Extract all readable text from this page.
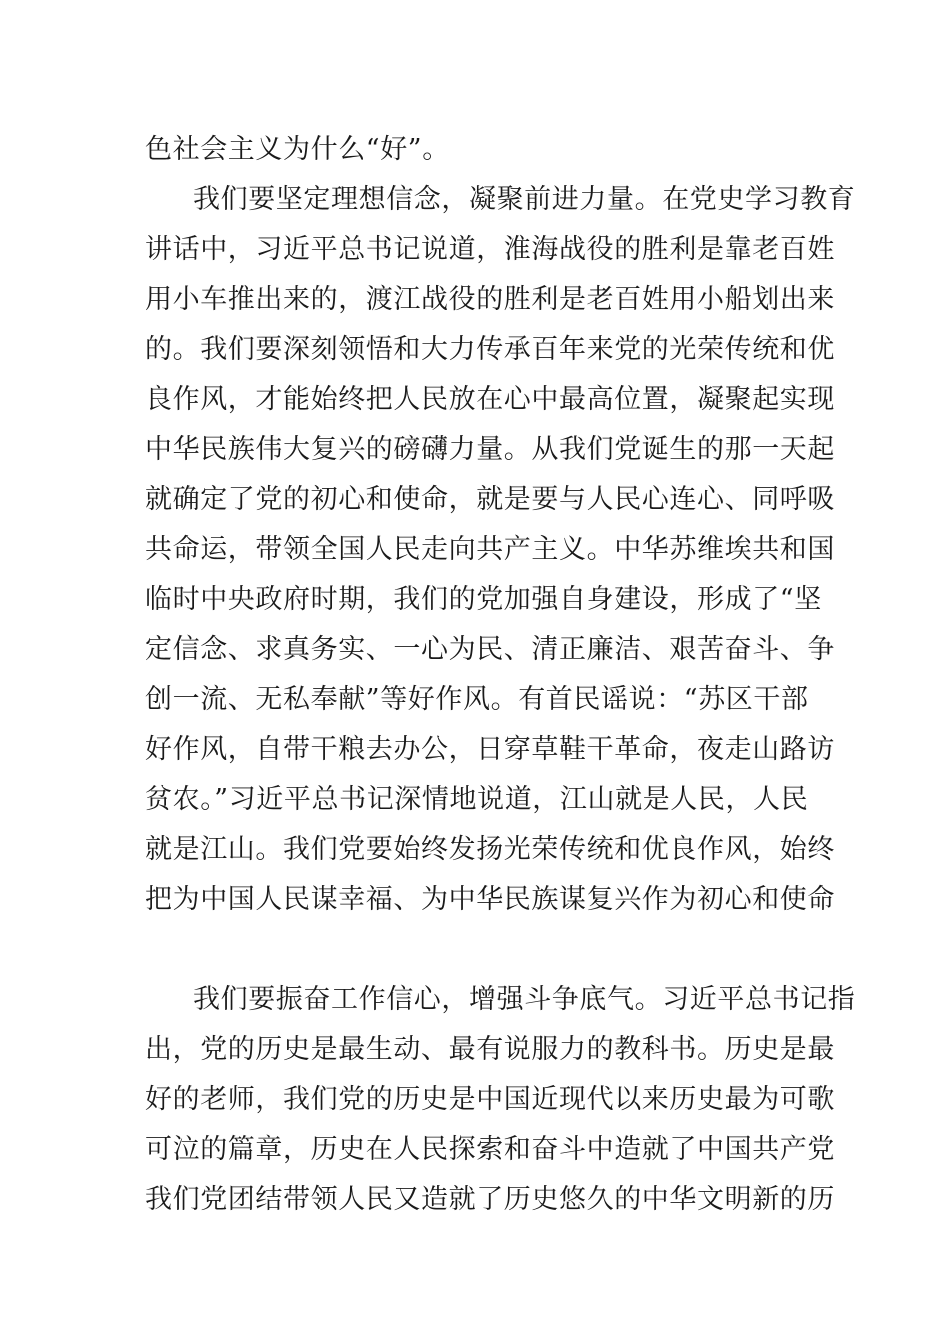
色社会主义为什么“好”。
我们要坚定理想信念，凝聚前进力量。在党史学习教育
讲话中，习近平总书记说道，淮海战役的胜利是靠老百姓
用小车推出来的，渡江战役的胜利是老百姓用小船划出来
的。我们要深刻领悟和大力传承百年来党的光荣传统和优
良作风，才能始终把人民放在心中最高位置，凝聚起实现
中华民族伟大复兴的磅礴力量。从我们党诞生的那一天起
就确定了党的初心和使命，就是要与人民心连心、同呼吸
共命运，带领全国人民走向共产主义。中华苏维埃共和国
临时中央政府时期，我们的党加强自身建设，形成了“坚
定信念、求真务实、一心为民、清正廉洁、艰苦奋斗、争
创一流、无私奉献”等好作风。有首民谣说：“苏区干部
好作风，自带干粮去办公，日穿草鞋干革命，夜走山路访
贫农。”习近平总书记深情地说道，江山就是人民，人民
就是江山。我们党要始终发扬光荣传统和优良作风，始终
把为中国人民谋幸福、为中华民族谋复兴作为初心和使命
我们要振奋工作信心，增强斗争底气。习近平总书记指
出，党的历史是最生动、最有说服力的教科书。历史是最
好的老师，我们党的历史是中国近现代以来历史最为可歌
可泣的篇章，历史在人民探索和奋斗中造就了中国共产党
我们党团结带领人民又造就了历史悠久的中华文明新的历
